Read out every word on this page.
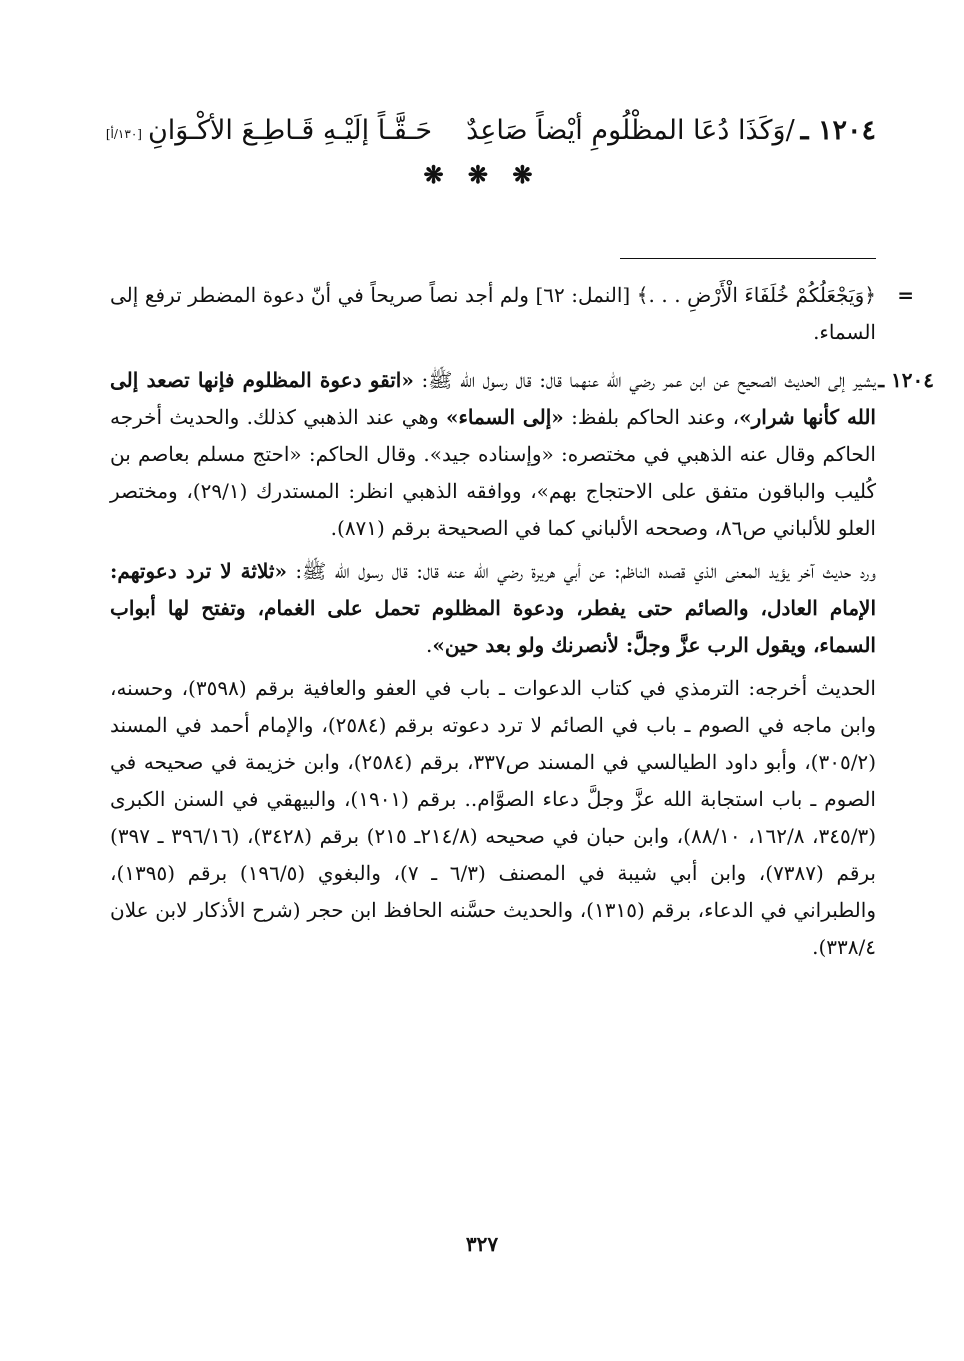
١٢٠٤ ـ
/وَكَذَا دُعَا المظْلُومِ أيْضاً صَاعِدٌ
حَـقَّـاً إلَيْـهِ قَـاطِـعَ الأكْـوَانِ
[١٣٠/أ]
❋ ❋ ❋
=
﴿وَيَجْعَلُكُمْ خُلَفَاءَ الْأَرْضِ . . .﴾ [النمل: ٦٢] ولم أجد نصاً صريحاً في أنّ دعوة المضطر ترفع إلى السماء.
١٢٠٤ ـ
يشير إلى الحديث الصحيح عن ابن عمر رضي الله عنهما قال: قال رسول الله ﷺ: «اتقو دعوة المظلوم فإنها تصعد إلى الله كأنها شرار»، وعند الحاكم بلفظ: «إلى السماء» وهي عند الذهبي كذلك. والحديث أخرجه الحاكم وقال عنه الذهبي في مختصره: «وإسناده جيد». وقال الحاكم: «احتج مسلم بعاصم بن كُليب والباقون متفق على الاحتجاج بهم»، ووافقه الذهبي انظر: المستدرك (٢٩/١)، ومختصر العلو للألباني ص٨٦، وصححه الألباني كما في الصحيحة برقم (٨٧١).
ورد حديث آخر يؤيد المعنى الذي قصده الناظم: عن أبي هريرة رضي الله عنه قال: قال رسول الله ﷺ: «ثلاثة لا ترد دعوتهم: الإمام العادل، والصائم حتى يفطر، ودعوة المظلوم تحمل على الغمام، وتفتح لها أبواب السماء، ويقول الرب عزَّ وجلَّ: لأنصرنك ولو بعد حين».
الحديث أخرجه: الترمذي في كتاب الدعوات ـ باب في العفو والعافية برقم (٣٥٩٨)، وحسنه، وابن ماجه في الصوم ـ باب في الصائم لا ترد دعوته برقم (٢٥٨٤)، والإمام أحمد في المسند (٣٠٥/٢)، وأبو داود الطيالسي في المسند ص٣٣٧، برقم (٢٥٨٤)، وابن خزيمة في صحيحه في الصوم ـ باب استجابة الله عزَّ وجلَّ دعاء الصوَّام.. برقم (١٩٠١)، والبيهقي في السنن الكبرى (٣٤٥/٣، ١٦٢/٨، ٨٨/١٠)، وابن حبان في صحيحه (٢١٤/٨ـ ٢١٥) برقم (٣٤٢٨)، (٣٩٦/١٦ ـ ٣٩٧) برقم (٧٣٨٧)، وابن أبي شيبة في المصنف (٦/٣ ـ ٧)، والبغوي (١٩٦/٥) برقم (١٣٩٥)، والطبراني في الدعاء، برقم (١٣١٥)، والحديث حسَّنه الحافظ ابن حجر (شرح الأذكار لابن علان ٣٣٨/٤).
٣٢٧
